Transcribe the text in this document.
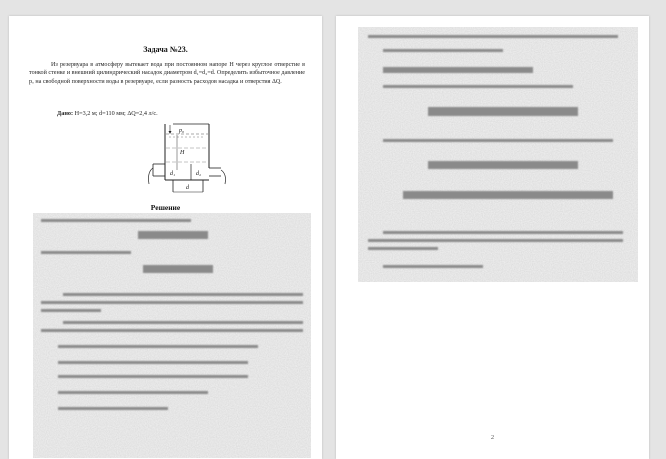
Задача №23.
Из резервуара в атмосферу вытекает вода при постоянном напоре H через круглое отверстие в тонкой стенке и внешний цилиндрический насадок диаметром d₁=d₂=d. Определить избыточное давление pₒ на свободной поверхности воды в резервуаре, если разность расходов насадка и отверстия ΔQ.
Дано: H=3,2 м; d=110 мм; ΔQ=2,4 л/с.
p₀
H
d₁	d₂
d
Решение
2
